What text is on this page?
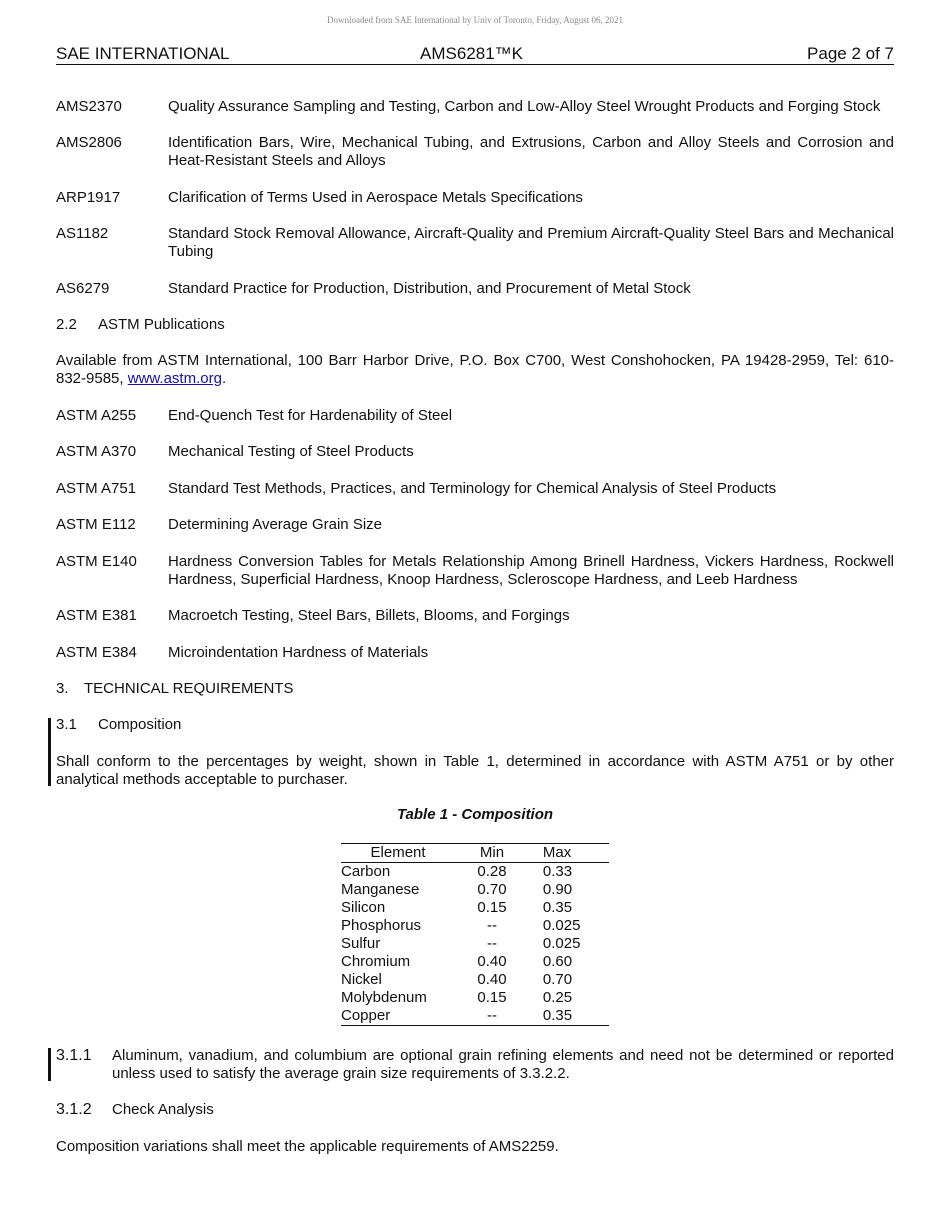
Downloaded from SAE International by Univ of Toronto, Friday, August 06, 2021
SAE INTERNATIONAL	AMS6281™K	Page 2 of 7
AMS2370	Quality Assurance Sampling and Testing, Carbon and Low-Alloy Steel Wrought Products and Forging Stock
AMS2806	Identification Bars, Wire, Mechanical Tubing, and Extrusions, Carbon and Alloy Steels and Corrosion and Heat-Resistant Steels and Alloys
ARP1917	Clarification of Terms Used in Aerospace Metals Specifications
AS1182	Standard Stock Removal Allowance, Aircraft-Quality and Premium Aircraft-Quality Steel Bars and Mechanical Tubing
AS6279	Standard Practice for Production, Distribution, and Procurement of Metal Stock
2.2 ASTM Publications
Available from ASTM International, 100 Barr Harbor Drive, P.O. Box C700, West Conshohocken, PA 19428-2959, Tel: 610-832-9585, www.astm.org.
ASTM A255 End-Quench Test for Hardenability of Steel
ASTM A370 Mechanical Testing of Steel Products
ASTM A751 Standard Test Methods, Practices, and Terminology for Chemical Analysis of Steel Products
ASTM E112 Determining Average Grain Size
ASTM E140 Hardness Conversion Tables for Metals Relationship Among Brinell Hardness, Vickers Hardness, Rockwell Hardness, Superficial Hardness, Knoop Hardness, Scleroscope Hardness, and Leeb Hardness
ASTM E381 Macroetch Testing, Steel Bars, Billets, Blooms, and Forgings
ASTM E384 Microindentation Hardness of Materials
3. TECHNICAL REQUIREMENTS
3.1 Composition
Shall conform to the percentages by weight, shown in Table 1, determined in accordance with ASTM A751 or by other analytical methods acceptable to purchaser.
Table 1 - Composition
Element	Min	Max
Carbon	0.28	0.33
Manganese	0.70	0.90
Silicon	0.15	0.35
Phosphorus	--	0.025
Sulfur	--	0.025
Chromium	0.40	0.60
Nickel	0.40	0.70
Molybdenum	0.15	0.25
Copper	--	0.35
3.1.1 Aluminum, vanadium, and columbium are optional grain refining elements and need not be determined or reported unless used to satisfy the average grain size requirements of 3.3.2.2.
3.1.2 Check Analysis
Composition variations shall meet the applicable requirements of AMS2259.
